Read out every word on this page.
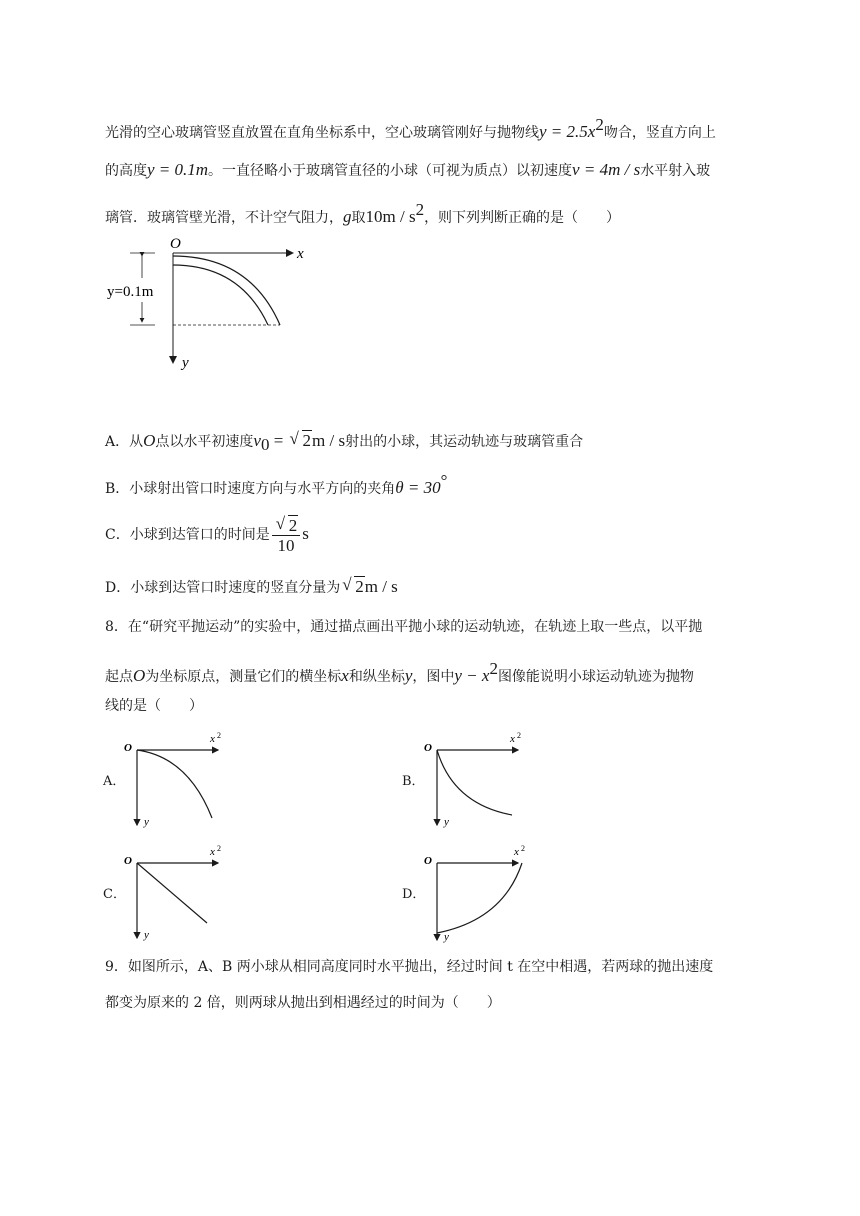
光滑的空心玻璃管竖直放置在直角坐标系中，空心玻璃管刚好与抛物线$y = 2.5x^2$吻合，竖直方向上
的高度y = 0.1m。一直径略小于玻璃管直径的小球（可视为质点）以初速度v = 4m / s水平射入玻
璃管．玻璃管壁光滑，不计空气阻力，g取$10m / s^2$，则下列判断正确的是（　　）
O
x
y
y=0.1m
A．从O点以水平初速度$v_0$ = √ 2m / s射出的小球，其运动轨迹与玻璃管重合
B．小球射出管口时速度方向与水平方向的夹角θ = 30°
C．小球到达管口的时间是 √ $\frac{2}{10}$ s
D．小球到达管口时速度的竖直分量为 √ 2m / s
8．在“研究平抛运动”的实验中，通过描点画出平抛小球的运动轨迹，在轨迹上取一些点，以平抛
起点O为坐标原点，测量它们的横坐标x和纵坐标y，图中$y - x^2$图像能说明小球运动轨迹为抛物
线的是（　　）
A．
O
x 2
y
B．
O
x 2
y
C．
O
x 2
y
D．
O
x 2
y
9．如图所示，A、B 两小球从相同高度同时水平抛出，经过时间 t 在空中相遇，若两球的抛出速度
都变为原来的 2 倍，则两球从抛出到相遇经过的时间为（　　）
